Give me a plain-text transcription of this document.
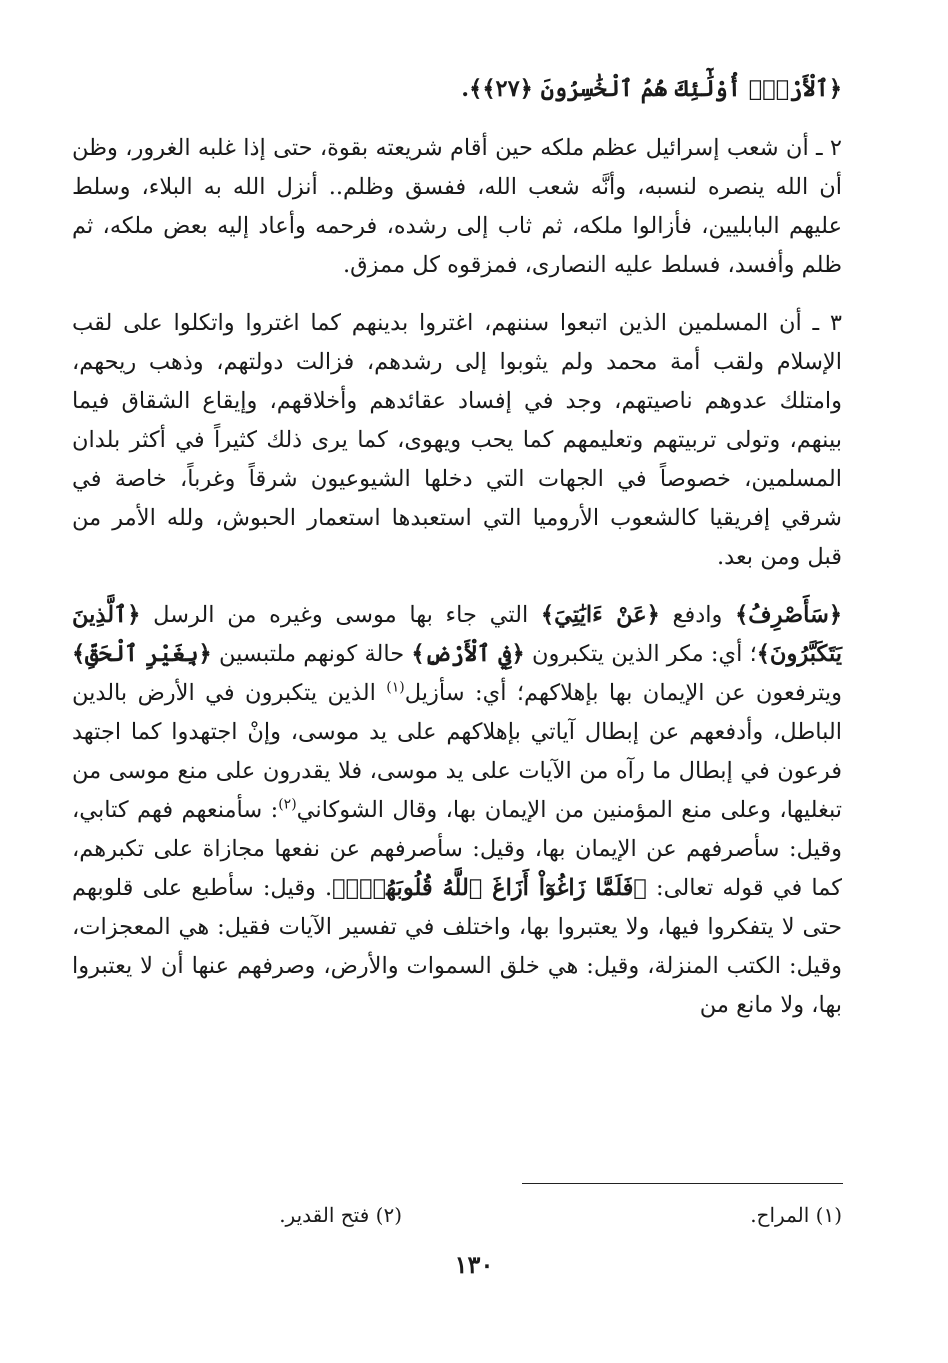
﴿ٱلْأَرْضِۚ أُوْلَٰٓئِكَ هُمُ ٱلْخَٰسِرُونَ ﴿٢٧﴾﴾.

٢ ـ أن شعب إسرائيل عظم ملكه حين أقام شريعته بقوة، حتى إذا غلبه الغرور، وظن أن الله ينصره لنسبه، وأنَّه شعب الله، ففسق وظلم.. أنزل الله به البلاء، وسلط عليهم البابليين، فأزالوا ملكه، ثم ثاب إلى رشده، فرحمه وأعاد إليه بعض ملكه، ثم ظلم وأفسد، فسلط عليه النصارى، فمزقوه كل ممزق.

٣ ـ أن المسلمين الذين اتبعوا سننهم، اغتروا بدينهم كما اغتروا واتكلوا على لقب الإسلام ولقب أمة محمد ولم يثوبوا إلى رشدهم، فزالت دولتهم، وذهب ريحهم، وامتلك عدوهم ناصيتهم، وجد في إفساد عقائدهم وأخلاقهم، وإيقاع الشقاق فيما بينهم، وتولى تربيتهم وتعليمهم كما يحب ويهوى، كما يرى ذلك كثيراً في أكثر بلدان المسلمين، خصوصاً في الجهات التي دخلها الشيوعيون شرقاً وغرباً، خاصة في شرقي إفريقيا كالشعوب الأروميا التي استعبدها استعمار الحبوش، ولله الأمر من قبل ومن بعد.

﴿سَأَصْرِفُ﴾ وادفع ﴿عَنْ ءَايَٰتِيَ﴾ التي جاء بها موسى وغيره من الرسل ﴿ٱلَّذِينَ يَتَكَبَّرُونَ﴾؛ أي: مكر الذين يتكبرون ﴿فِي ٱلْأَرْضِ﴾ حالة كونهم ملتبسين ﴿بِغَيْرِ ٱلْحَقِّ﴾ ويترفعون عن الإيمان بها بإهلاكهم؛ أي: سأزيل$^{(١)}$ الذين يتكبرون في الأرض بالدين الباطل، وأدفعهم عن إبطال آياتي بإهلاكهم على يد موسى، وإنْ اجتهدوا كما اجتهد فرعون في إبطال ما رآه من الآيات على يد موسى، فلا يقدرون على منع موسى من تبغليها، وعلى منع المؤمنين من الإيمان بها، وقال الشوكاني$^{(٢)}$: سأمنعهم فهم كتابي، وقيل: سأصرفهم عن الإيمان بها، وقيل: سأصرفهم عن نفعها مجازاة على تكبرهم، كما في قوله تعالى: ﴿فَلَمَّا زَاغُوٓاْ أَزَاغَ ٱللَّهُ قُلُوبَهُمْۚ﴾. وقيل: سأطبع على قلوبهم حتى لا يتفكروا فيها، ولا يعتبروا بها، واختلف في تفسير الآيات فقيل: هي المعجزات، وقيل: الكتب المنزلة، وقيل: هي خلق السموات والأرض، وصرفهم عنها أن لا يعتبروا بها، ولا مانع من

(١) المراح.
(٢) فتح القدير.
١٣٠
